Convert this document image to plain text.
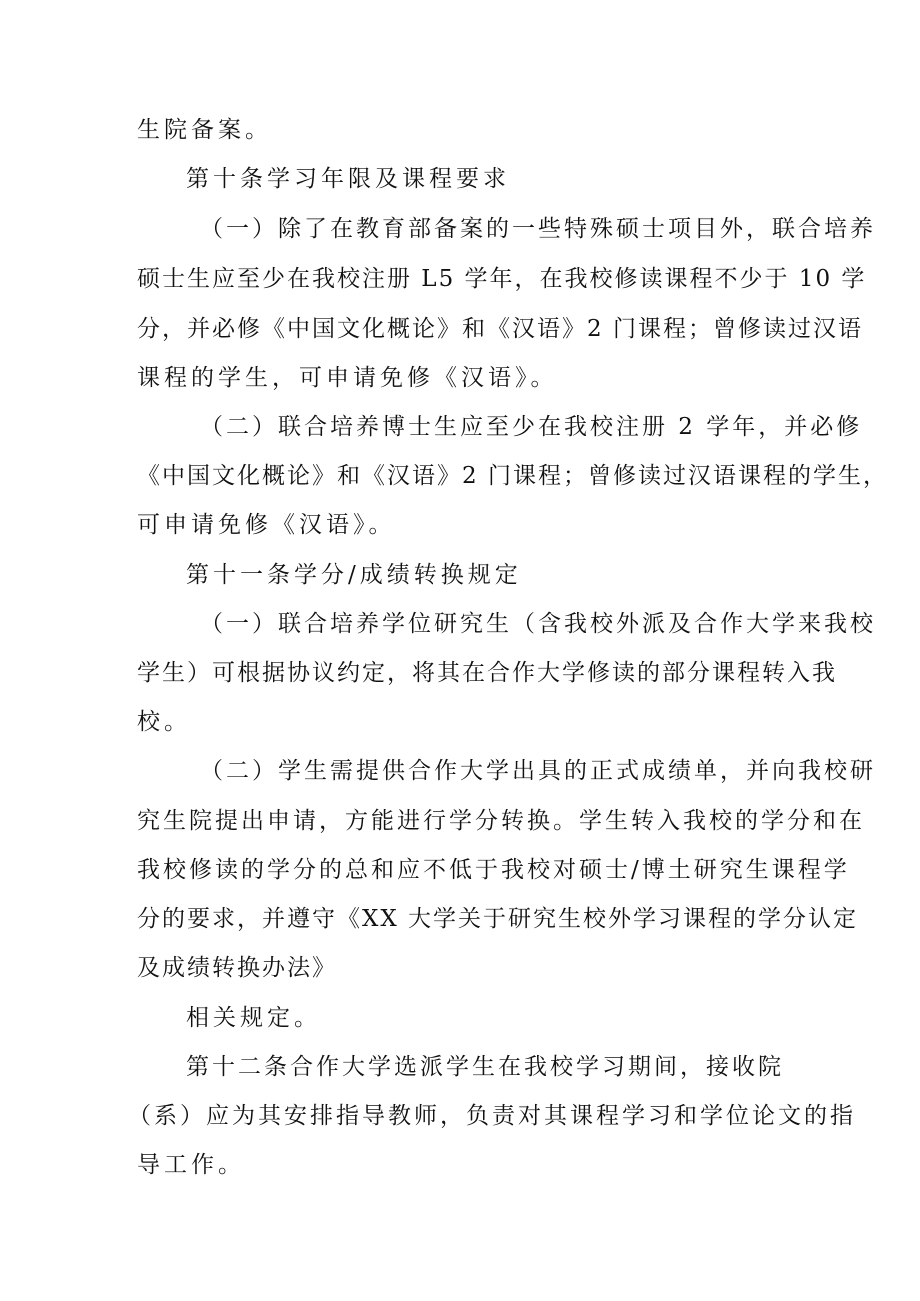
生院备案。
第十条学习年限及课程要求
（一）除了在教育部备案的一些特殊硕士项目外，联合培养
硕士生应至少在我校注册 L5 学年，在我校修读课程不少于 10 学
分，并必修《中国文化概论》和《汉语》2 门课程；曾修读过汉语
课程的学生，可申请免修《汉语》。
（二）联合培养博士生应至少在我校注册 2 学年，并必修
《中国文化概论》和《汉语》2 门课程；曾修读过汉语课程的学生，
可申请免修《汉语》。
第十一条学分/成绩转换规定
（一）联合培养学位研究生（含我校外派及合作大学来我校
学生）可根据协议约定，将其在合作大学修读的部分课程转入我
校。
（二）学生需提供合作大学出具的正式成绩单，并向我校研
究生院提出申请，方能进行学分转换。学生转入我校的学分和在
我校修读的学分的总和应不低于我校对硕士/博土研究生课程学
分的要求，并遵守《XX 大学关于研究生校外学习课程的学分认定
及成绩转换办法》
相关规定。
第十二条合作大学选派学生在我校学习期间，接收院
（系）应为其安排指导教师，负责对其课程学习和学位论文的指
导工作。
